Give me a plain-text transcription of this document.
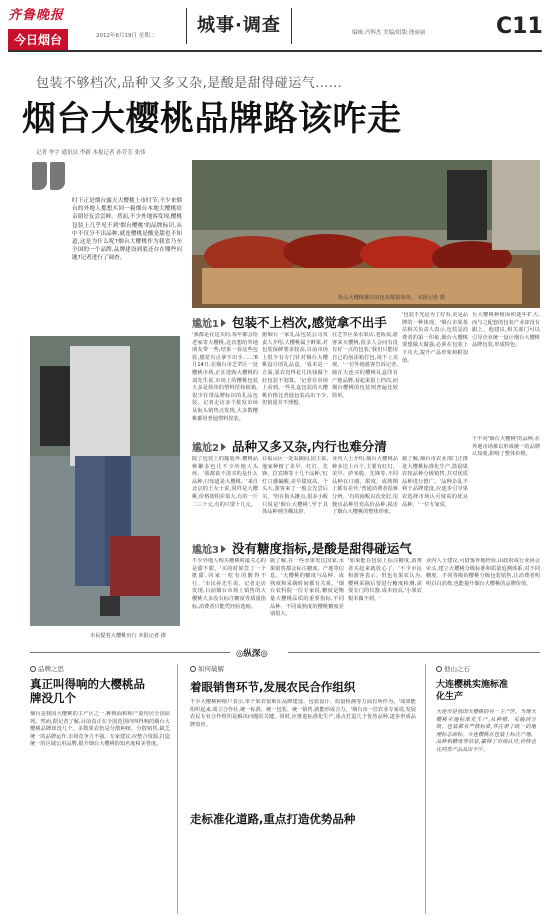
齐鲁晚报
今日烟台	2012年6月19日 星期二	城事·调查	编辑:冯辉杰 美编/组版:逄丽丽	C11
包装不够档次,品种又多又杂,是酸是甜得碰运气……
烟台大樱桃品牌路该咋走
记者 李宇 通讯员 李新 本报记者 孙芳芳 张伟
时下正是烟台露天大樱桃上市时节,不少来烟台的外地人都想买回一箱烟台本地大樱桃给亲朋好友尝尝鲜。然而,不少外地客发现,樱桃包装上几乎见不到'烟台樱桃'的品牌标识,从中不仅分不出品种,就连樱桃是酸是甜也不知道,这是为什么呢?烟台大樱桃作为我省乃至全国的一个品牌,品牌建设到底还存在哪些问题?记者进行了调查。
街头大樱桃摊位的包装都很简单。 本报记者 摄
市民提着大樱桃出行 本报记者 摄
尴尬1 包装不上档次,感觉拿不出手
'我都是在这买的,每年都会给老家寄大樱桃,这次想给外地朋友带一些,结果一看这些包装,感觉有点拿不出手……'6月14日,在烟台市芝罘区一处樱桃市场,正在选购大樱桃的刘先生说,市场上的樱桃包装大多是简单的塑料筐和纸箱,很少有带品牌标识的礼品包装。记者走访多个批发市场及街头销售点发现,大多数樱桃都用普通塑料筐装。
据烟台一家礼品包装公司负责人介绍,大樱桃属于鲜果,对包装保鲜要求较高,目前市场上很少有专门针对烟台大樱桃设计的礼品盒。'成本是一方面,果农觉得花几块钱做个好包装不划算。'记者在市场上看到,一些礼盒包装的大樱桃价格比普通包装高出不少,但销量并不理想。
在芝罘区某水果店,老板说,游客来买樱桃,很多人会问有没有好一点的包装,'我们只能用自己的泡沫箱打包,谈不上美观。'一位外地游客告诉记者,她在大连买的樱桃礼盒印有产地品牌,看起来很上档次,而烟台樱桃的包装则普遍比较简单。
'包装不光是为了好看,更是品牌的一种体现。'烟台市果茶站相关负责人表示,包装是消费者的第一印象,烟台大樱桃要想做大做强,必须在包装上下功夫,提升产品形象和附加值。
台大樱桃种植面积逐年扩大,而与之配套的包装产业却没有跟上。他建议,相关部门可以引导企业统一设计烟台大樱桃品牌包装,形成特色。
尴尬2 品种又多又杂,内行也难分清
除了包装上的尴尬外,樱桃品种繁多也让不少外地人头疼。'我都说不清买的是什么品种,只知道是大樱桃。'来自北京的王女士说,同样是大樱桃,价格却相差很大,有的一斤二三十元,有的只要十几元。
在福山区一处采摘园,园主说,他家种植了美早、红灯、先锋、拉宾斯等十几个品种,'红灯口感偏酸,美早甜度高、个头大,游客来了一般会先尝后买。'但在街头摊点,很多小贩只说是'烟台大樱桃',至于具体品种则含糊其辞。
业内人士介绍,烟台大樱桃品种多达上百个,主要有红灯、美早、萨米脱、先锋等,不同品种在口感、甜度、成熟期上都有差异,'普通消费者很难分辨。'有的商贩以次充好,用便宜品种冒充高价品种,损害了烟台大樱桃的整体形象。
据了解,烟台市农业部门正推进大樱桃标准化生产,鼓励果农按品种分级销售,并对优质品种进行推广。'品种杂乱不利于品牌建设,应逐步引导果农选择市场认可度高的优良品种。'一位专家说。
个不同'烟台大樱桃'的品种,在外地市场难以形成统一的品牌认知度,影响了整体价格。
尴尬3 没有糖度指标,是酸是甜得碰运气
不少外地人购买樱桃时最关心的是甜不甜。'买的时候尝了一个挺甜,回家一吃有的酸得不行。'市民孙先生说。记者走访发现,目前烟台市场上销售的大樱桃大多没有标注糖度等质量指标,消费者只能凭经验选购。
据了解,在一些水果发达国家,水果销售都会标注糖度、产地等信息。'大樱桃的糖度与品种、成熟度和采摘时间都有关系。'烟台农科院一位专家说,糖度是衡量大樱桃品质的重要指标,不同品种、不同成熟度的樱桃糖度差别很大。
'如果能在包装上标注糖度,消费者买起来就放心了。'不少市民和游客表示。但也有果农认为,樱桃采摘后要进行糖度检测,需要专门的仪器,成本较高,'小果农根本做不到。'
业内人士建议,可借鉴外地经验,由政府或行业协会牵头,建立大樱桃分级标准和质量追溯体系,对不同糖度、不同等级的樱桃分级包装销售,让消费者明明白白消费,也能提升烟台大樱桃的品牌价值。
◎纵深◎
品牌之思
真正叫得响的大樱桃品牌没几个
烟台是我国大樱桃的主产区之一,种植面积和产量均居全国前列。然而,据记者了解,目前真正在全国范围内叫得响的烟台大樱桃品牌却没几个。多数果农仍是分散种植、分散销售,缺乏统一的品牌运作,市场竞争力不强。专家建议,应整合资源,打造统一的区域公用品牌,提升烟台大樱桃的知名度和美誉度。
如何破解
着眼销售环节,发展农民合作组织
不少大樱桃种植户表示,单个果农很难在品牌建设、包装设计、质量检测等方面有所作为。'如果能组织起来,成立合作社,统一标准、统一包装、统一销售,就能形成合力。'烟台市一位农业专家说,发展农民专业合作组织是解决问题的关键。同时,应推进标准化生产,重点打造几个优势品种,逐步形成品牌效应。
走标准化道路,重点打造优势品种
他山之石
大连樱桃实施标准化生产
大连市是我国大樱桃的另一主产区。当地大樱桃实施标准化生产,从种植、采摘到分级、包装都有严格标准,并注册了统一的地理标志商标。大连樱桃在包装上标注产地、品种和糖度等信息,赢得了市场认可,价格也比同类产品高出不少。
